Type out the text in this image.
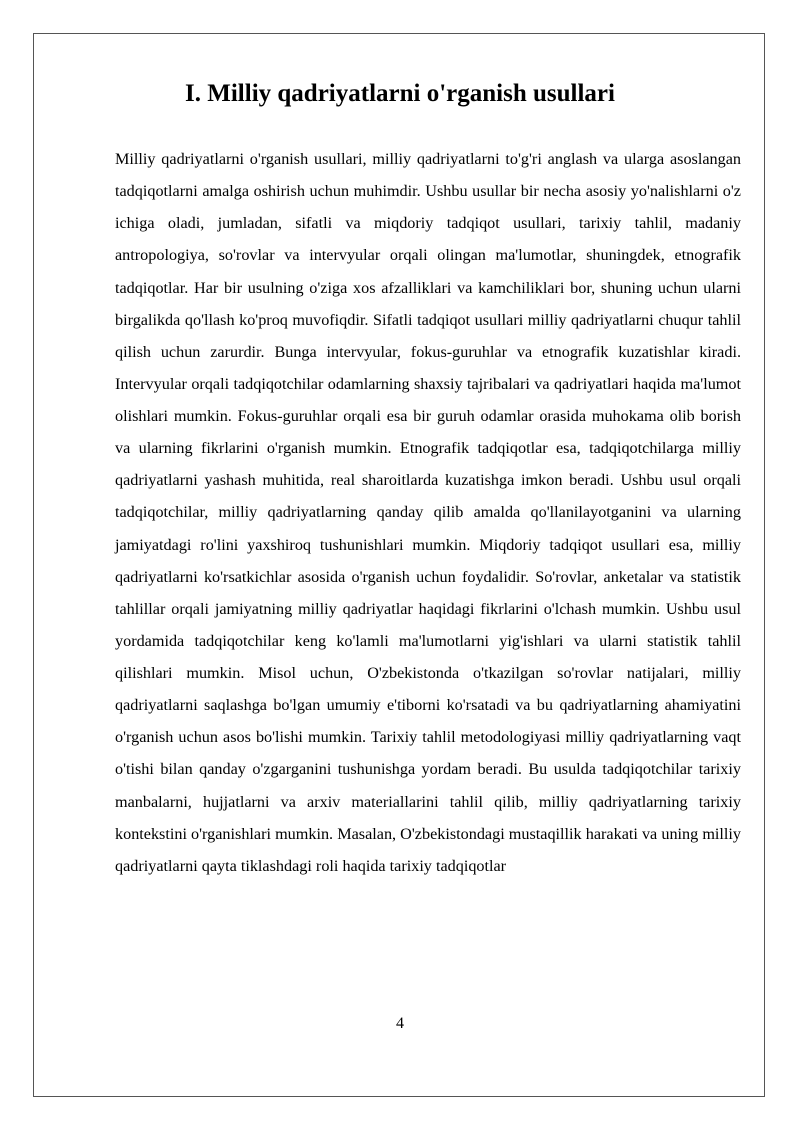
I. Milliy qadriyatlarni o'rganish usullari

Milliy qadriyatlarni o'rganish usullari, milliy qadriyatlarni to'g'ri anglash va ularga asoslangan tadqiqotlarni amalga oshirish uchun muhimdir. Ushbu usullar bir necha asosiy yo'nalishlarni o'z ichiga oladi, jumladan, sifatli va miqdoriy tadqiqot usullari, tarixiy tahlil, madaniy antropologiya, so'rovlar va intervyular orqali olingan ma'lumotlar, shuningdek, etnografik tadqiqotlar. Har bir usulning o'ziga xos afzalliklari va kamchiliklari bor, shuning uchun ularni birgalikda qo'llash ko'proq muvofiqdir. Sifatli tadqiqot usullari milliy qadriyatlarni chuqur tahlil qilish uchun zarurdir. Bunga intervyular, fokus-guruhlar va etnografik kuzatishlar kiradi. Intervyular orqali tadqiqotchilar odamlarning shaxsiy tajribalari va qadriyatlari haqida ma'lumot olishlari mumkin. Fokus-guruhlar orqali esa bir guruh odamlar orasida muhokama olib borish va ularning fikrlarini o'rganish mumkin. Etnografik tadqiqotlar esa, tadqiqotchilarga milliy qadriyatlarni yashash muhitida, real sharoitlarda kuzatishga imkon beradi. Ushbu usul orqali tadqiqotchilar, milliy qadriyatlarning qanday qilib amalda qo'llanilayotganini va ularning jamiyatdagi ro'lini yaxshiroq tushunishlari mumkin. Miqdoriy tadqiqot usullari esa, milliy qadriyatlarni ko'rsatkichlar asosida o'rganish uchun foydalidir. So'rovlar, anketalar va statistik tahlillar orqali jamiyatning milliy qadriyatlar haqidagi fikrlarini o'lchash mumkin. Ushbu usul yordamida tadqiqotchilar keng ko'lamli ma'lumotlarni yig'ishlari va ularni statistik tahlil qilishlari mumkin. Misol uchun, O'zbekistonda o'tkazilgan so'rovlar natijalari, milliy qadriyatlarni saqlashga bo'lgan umumiy e'tiborni ko'rsatadi va bu qadriyatlarning ahamiyatini o'rganish uchun asos bo'lishi mumkin. Tarixiy tahlil metodologiyasi milliy qadriyatlarning vaqt o'tishi bilan qanday o'zgarganini tushunishga yordam beradi. Bu usulda tadqiqotchilar tarixiy manbalarni, hujjatlarni va arxiv materiallarini tahlil qilib, milliy qadriyatlarning tarixiy kontekstini o'rganishlari mumkin. Masalan, O'zbekistondagi mustaqillik harakati va uning milliy qadriyatlarni qayta tiklashdagi roli haqida tarixiy tadqiqotlar

4
